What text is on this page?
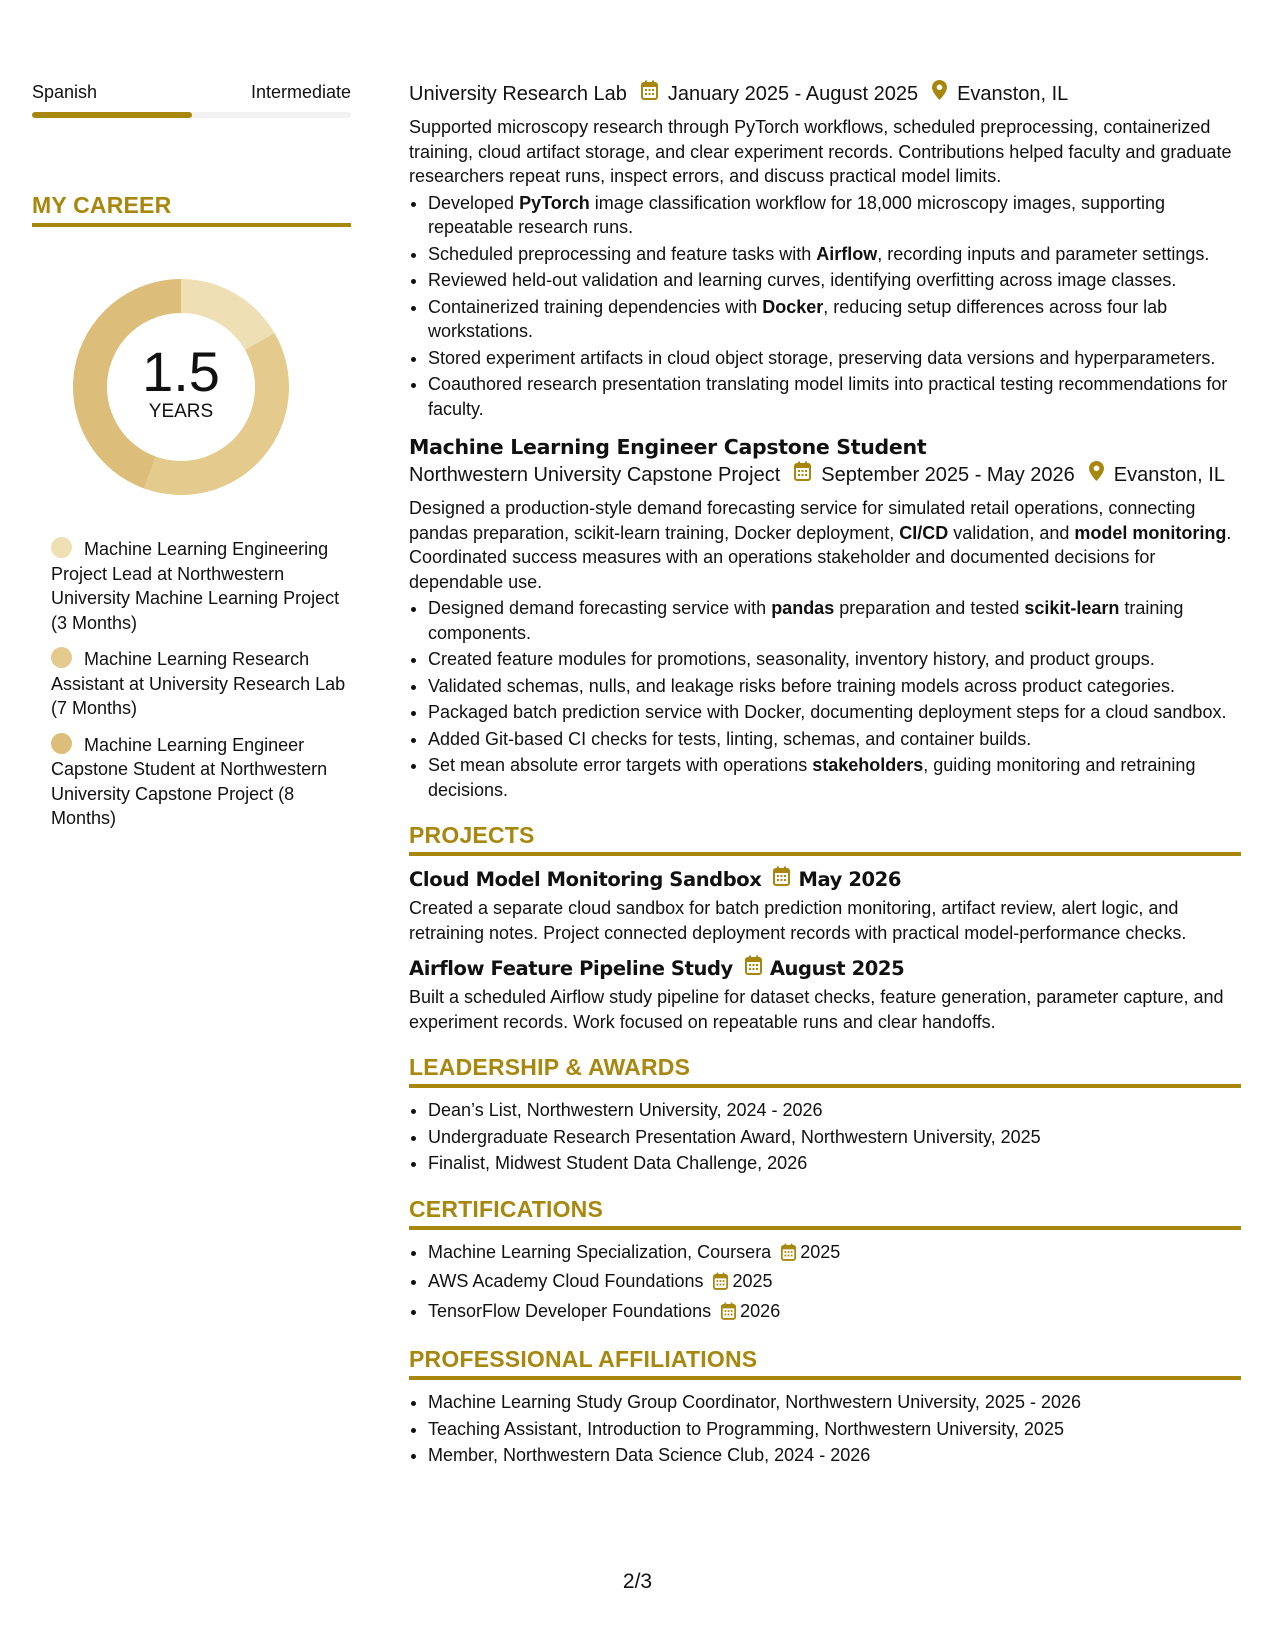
Spanish	Intermediate
MY CAREER
1.5
YEARS
Machine Learning Engineering Project Lead at Northwestern University Machine Learning Project (3 Months)
Machine Learning Research Assistant at University Research Lab (7 Months)
Machine Learning Engineer Capstone Student at Northwestern University Capstone Project (8 Months)
University Research Lab January 2025 - August 2025 Evanston, IL
Supported microscopy research through PyTorch workflows, scheduled preprocessing, containerized training, cloud artifact storage, and clear experiment records. Contributions helped faculty and graduate researchers repeat runs, inspect errors, and discuss practical model limits.
• Developed PyTorch image classification workflow for 18,000 microscopy images, supporting repeatable research runs.
• Scheduled preprocessing and feature tasks with Airflow, recording inputs and parameter settings.
• Reviewed held-out validation and learning curves, identifying overfitting across image classes.
• Containerized training dependencies with Docker, reducing setup differences across four lab workstations.
• Stored experiment artifacts in cloud object storage, preserving data versions and hyperparameters.
• Coauthored research presentation translating model limits into practical testing recommendations for faculty.
Machine Learning Engineer Capstone Student
Northwestern University Capstone Project September 2025 - May 2026 Evanston, IL
Designed a production-style demand forecasting service for simulated retail operations, connecting pandas preparation, scikit-learn training, Docker deployment, CI/CD validation, and model monitoring. Coordinated success measures with an operations stakeholder and documented decisions for dependable use.
• Designed demand forecasting service with pandas preparation and tested scikit-learn training components.
• Created feature modules for promotions, seasonality, inventory history, and product groups.
• Validated schemas, nulls, and leakage risks before training models across product categories.
• Packaged batch prediction service with Docker, documenting deployment steps for a cloud sandbox.
• Added Git-based CI checks for tests, linting, schemas, and container builds.
• Set mean absolute error targets with operations stakeholders, guiding monitoring and retraining decisions.
PROJECTS
Cloud Model Monitoring Sandbox May 2026
Created a separate cloud sandbox for batch prediction monitoring, artifact review, alert logic, and retraining notes. Project connected deployment records with practical model-performance checks.
Airflow Feature Pipeline Study August 2025
Built a scheduled Airflow study pipeline for dataset checks, feature generation, parameter capture, and experiment records. Work focused on repeatable runs and clear handoffs.
LEADERSHIP & AWARDS
• Dean’s List, Northwestern University, 2024 - 2026
• Undergraduate Research Presentation Award, Northwestern University, 2025
• Finalist, Midwest Student Data Challenge, 2026
CERTIFICATIONS
• Machine Learning Specialization, Coursera 2025
• AWS Academy Cloud Foundations 2025
• TensorFlow Developer Foundations 2026
PROFESSIONAL AFFILIATIONS
• Machine Learning Study Group Coordinator, Northwestern University, 2025 - 2026
• Teaching Assistant, Introduction to Programming, Northwestern University, 2025
• Member, Northwestern Data Science Club, 2024 - 2026
2/3
